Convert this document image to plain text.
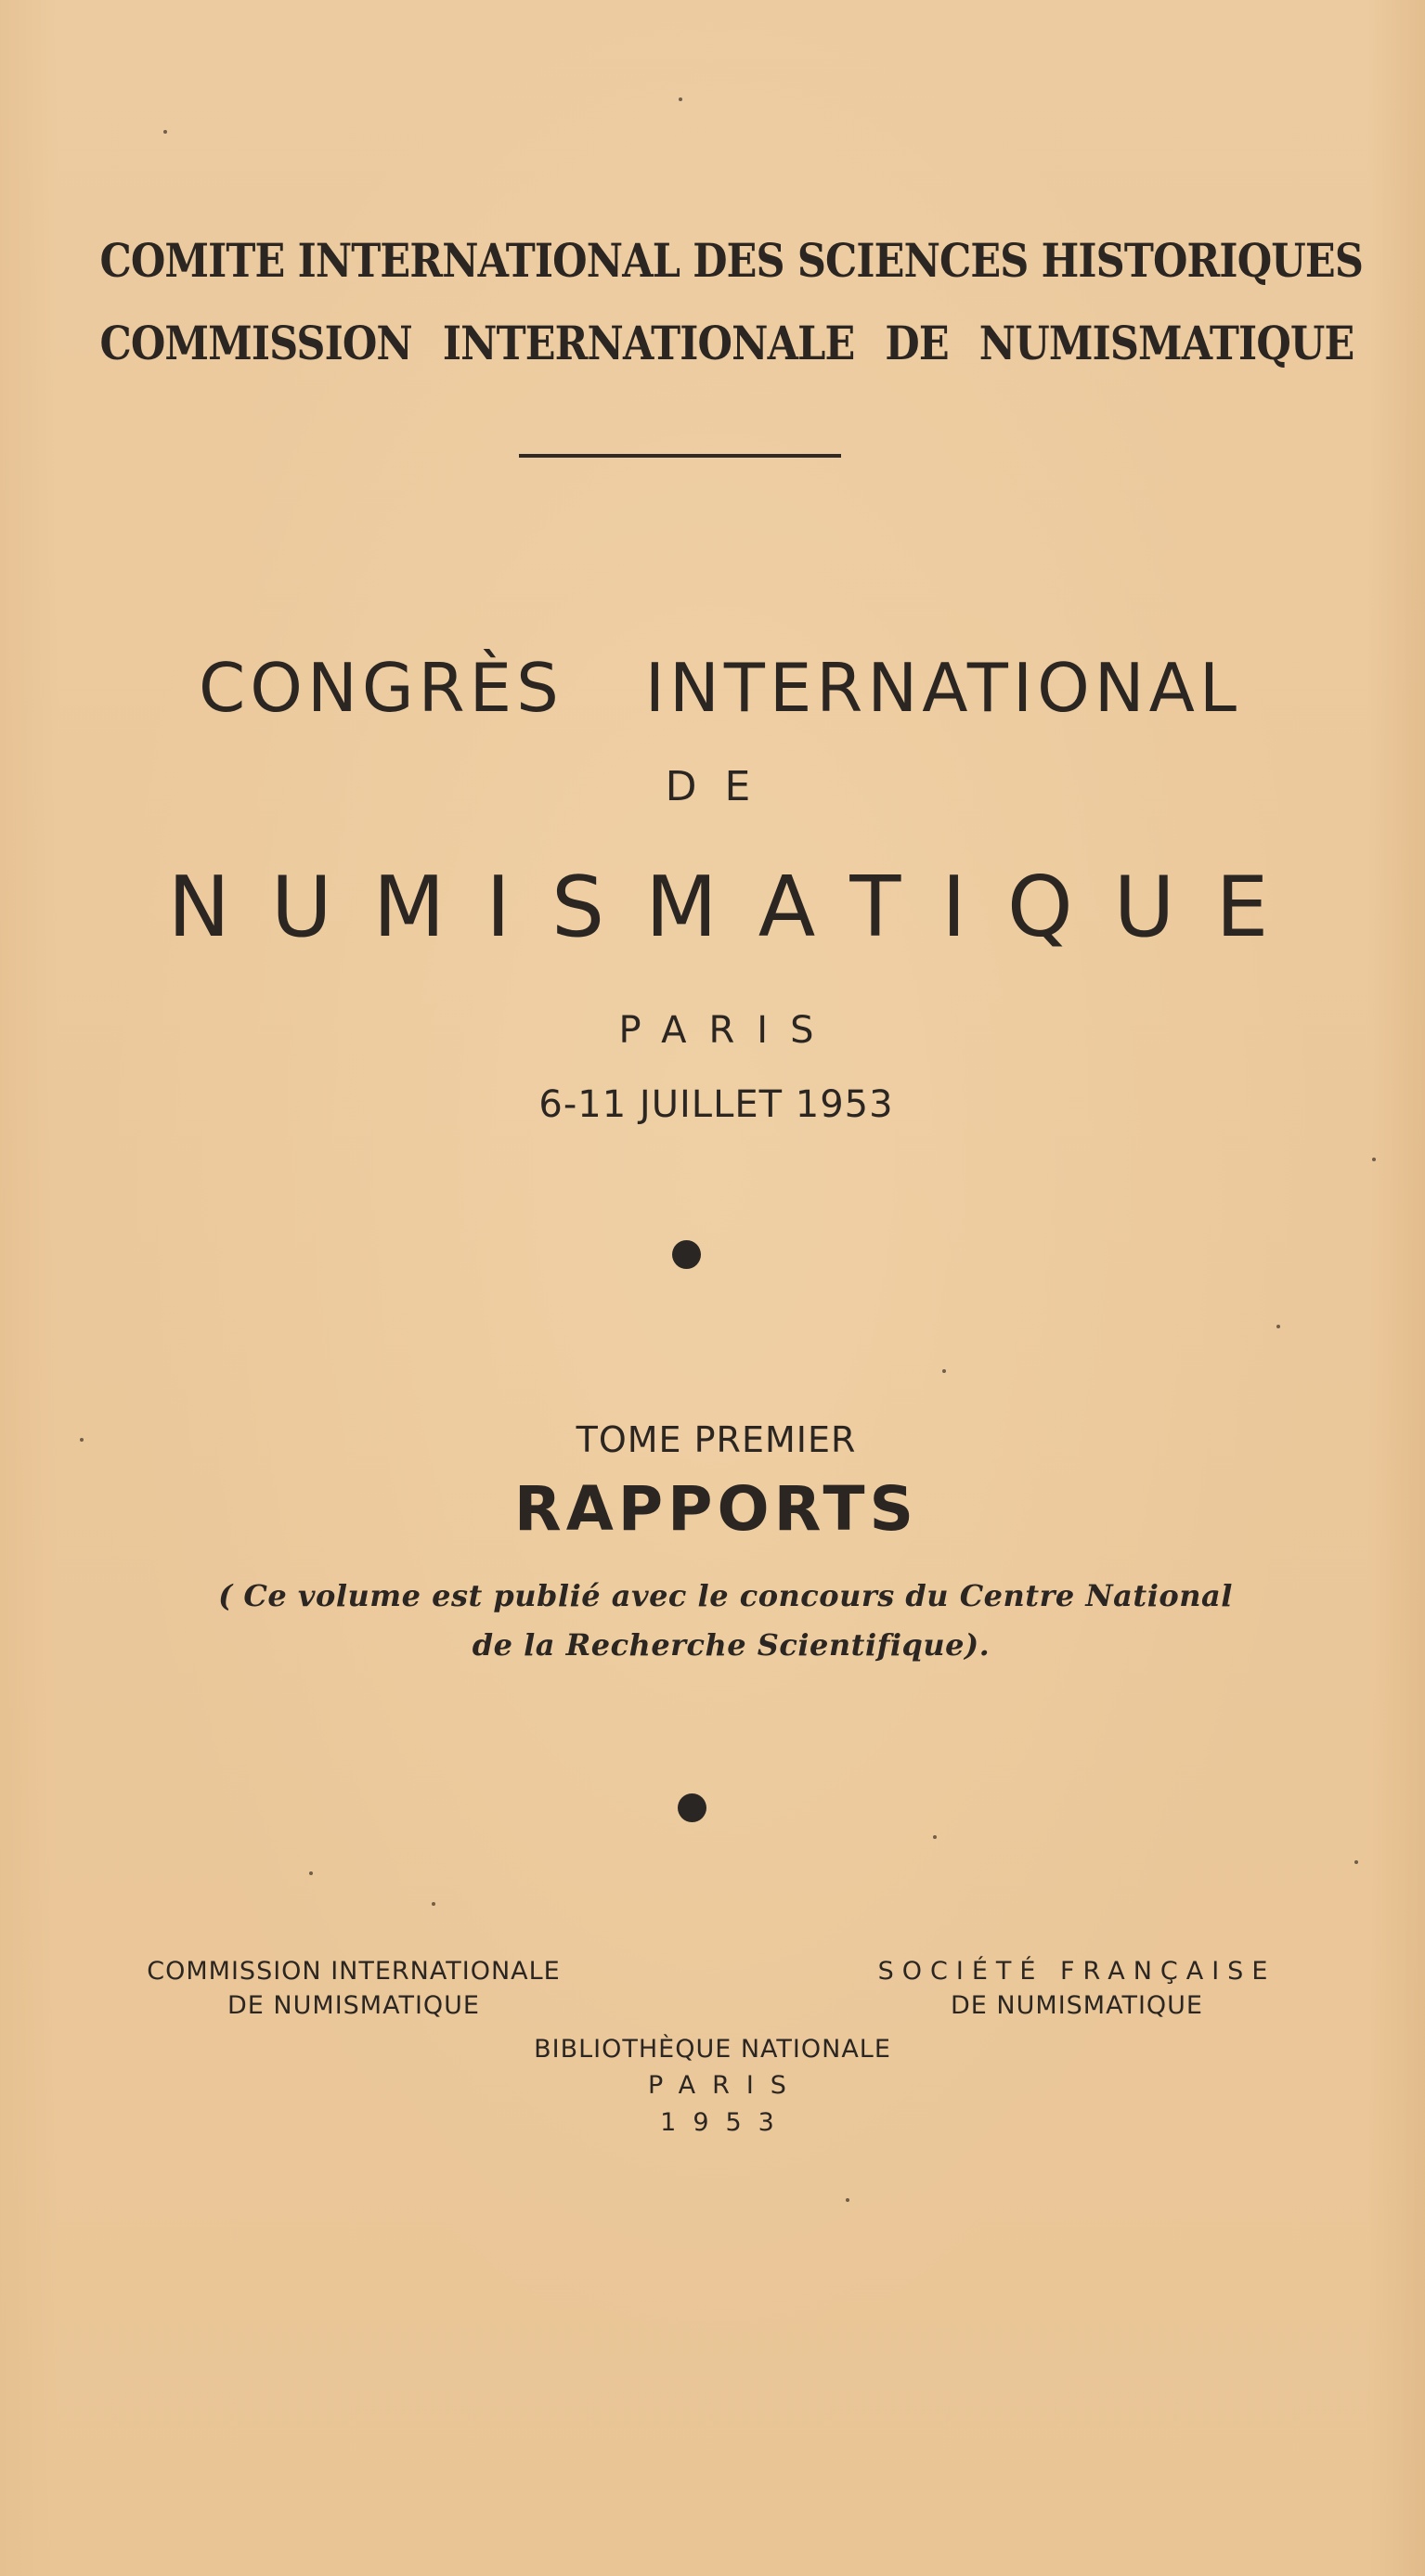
COMITE INTERNATIONAL DES SCIENCES HISTORIQUES
COMMISSION INTERNATIONALE DE NUMISMATIQUE
CONGRÈS INTERNATIONAL
DE
NUMISMATIQUE
PARIS
6-11 JUILLET 1953
TOME PREMIER
RAPPORTS
( Ce volume est publié avec le concours du Centre National
de la Recherche Scientifique).
COMMISSION INTERNATIONALE
DE NUMISMATIQUE
SOCIÉTÉ FRANÇAISE
DE NUMISMATIQUE
BIBLIOTHÈQUE NATIONALE
PARIS
1953
